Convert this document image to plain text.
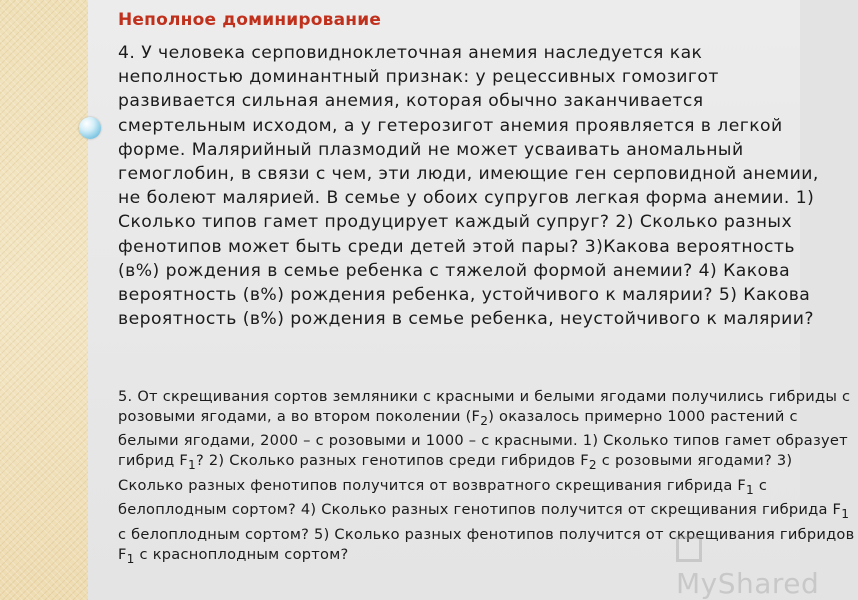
Неполное доминирование

4. У человека серповидноклеточная анемия наследуется как неполностью доминантный признак: у рецессивных гомозигот развивается сильная анемия, которая обычно заканчивается смертельным исходом, а у гетерозигот анемия проявляется в легкой форме. Малярийный плазмодий не может усваивать аномальный гемоглобин, в связи с чем, эти люди, имеющие ген серповидной анемии, не болеют малярией. В семье у обоих супругов легкая форма анемии. 1) Сколько типов гамет продуцирует каждый супруг? 2) Сколько разных фенотипов может быть среди детей этой пары? 3)Какова вероятность (в%) рождения в семье ребенка с тяжелой формой анемии? 4) Какова вероятность (в%) рождения ребенка, устойчивого к малярии? 5) Какова вероятность (в%) рождения в семье ребенка, неустойчивого к малярии?

5. От скрещивания сортов земляники с красными и белыми ягодами получились гибриды с розовыми ягодами, а во втором поколении $(F_2)$ оказалось примерно 1000 растений с белыми ягодами, 2000 – с розовыми и 1000 – с красными. 1) Сколько типов гамет образует гибрид $F_1$? 2) Сколько разных генотипов среди гибридов $F_2$ с розовыми ягодами? 3) Сколько разных фенотипов получится от возвратного скрещивания гибрида $F_1$ с белоплодным сортом? 4) Сколько разных генотипов получится от скрещивания гибрида $F_1$ с белоплодным сортом? 5) Сколько разных фенотипов получится от скрещивания гибридов $F_1$ с красноплодным сортом?

MyShared
